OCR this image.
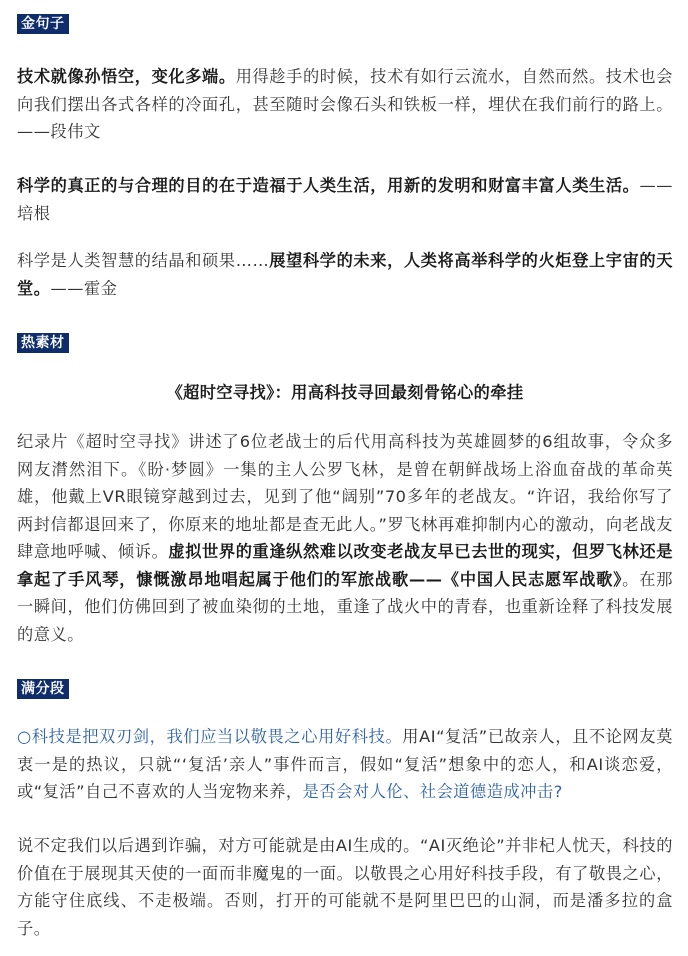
金句子

技术就像孙悟空，变化多端。用得趁手的时候，技术有如行云流水，自然而然。技术也会向我们摆出各式各样的冷面孔，甚至随时会像石头和铁板一样，埋伏在我们前行的路上。——段伟文

科学的真正的与合理的目的在于造福于人类生活，用新的发明和财富丰富人类生活。——培根

科学是人类智慧的结晶和硕果……展望科学的未来，人类将高举科学的火炬登上宇宙的天堂。——霍金

热素材
《超时空寻找》：用高科技寻回最刻骨铭心的牵挂

纪录片《超时空寻找》讲述了6位老战士的后代用高科技为英雄圆梦的6组故事，令众多网友潸然泪下。《盼·梦圆》一集的主人公罗飞林，是曾在朝鲜战场上浴血奋战的革命英雄，他戴上VR眼镜穿越到过去，见到了他“阔别”70多年的老战友。“许诏，我给你写了两封信都退回来了，你原来的地址都是查无此人。”罗飞林再难抑制内心的激动，向老战友肆意地呼喊、倾诉。虚拟世界的重逢纵然难以改变老战友早已去世的现实，但罗飞林还是拿起了手风琴，慷慨激昂地唱起属于他们的军旅战歌——《中国人民志愿军战歌》。在那一瞬间，他们仿佛回到了被血染彻的土地，重逢了战火中的青春，也重新诠释了科技发展的意义。

满分段

○科技是把双刃剑，我们应当以敬畏之心用好科技。用AI“复活”已故亲人，且不论网友莫衷一是的热议，只就“‘复活’亲人”事件而言，假如“复活”想象中的恋人，和AI谈恋爱，或“复活”自己不喜欢的人当宠物来养，是否会对人伦、社会道德造成冲击?

说不定我们以后遇到诈骗，对方可能就是由AI生成的。“AI灭绝论”并非杞人忧天，科技的价值在于展现其天使的一面而非魔鬼的一面。以敬畏之心用好科技手段，有了敬畏之心，方能守住底线、不走极端。否则，打开的可能就不是阿里巴巴的山洞，而是潘多拉的盒子。
